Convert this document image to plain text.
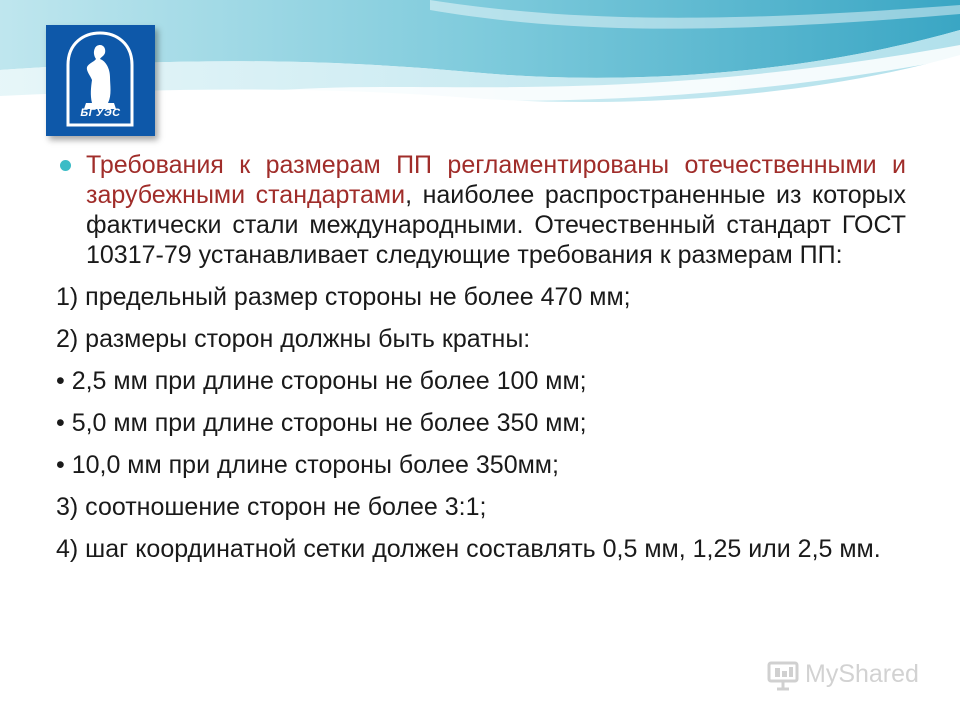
БГУЭС

Требования к размерам ПП регламентированы отечественными и зарубежными стандартами, наиболее распространенные из которых фактически стали международными. Отечественный стандарт ГОСТ 10317-79 устанавливает следующие требования к размерам ПП:

1) предельный размер стороны не более 470 мм;

2) размеры сторон должны быть кратны:

• 2,5 мм при длине стороны не более 100 мм;

• 5,0 мм при длине стороны не более 350 мм;

• 10,0 мм при длине стороны более 350мм;

3) соотношение сторон не более 3:1;

4) шаг координатной сетки должен составлять 0,5 мм, 1,25 или 2,5 мм.

MyShared
